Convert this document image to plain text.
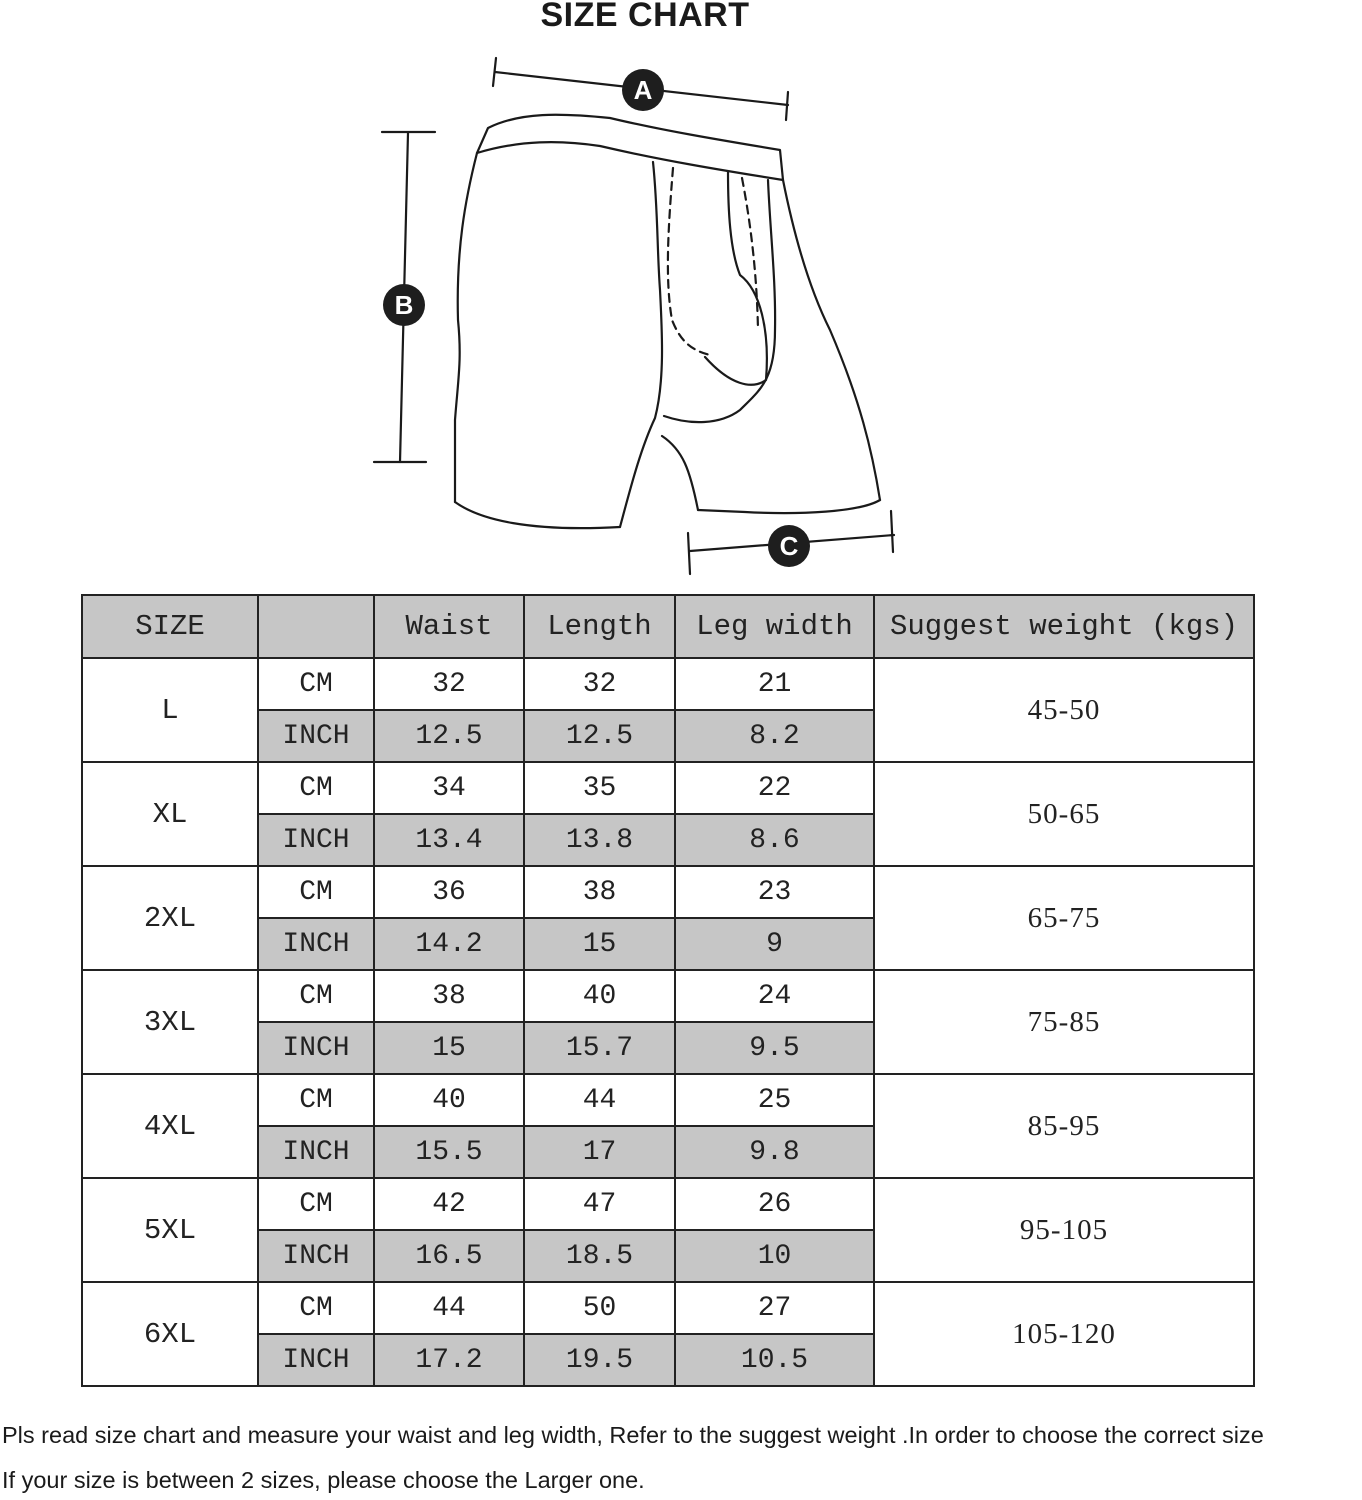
SIZE CHART
A
B
C
SIZE		Waist	Length	Leg width	Suggest weight (kgs)
L	CM	32	32	21	45-50
	INCH	12.5	12.5	8.2	
XL	CM	34	35	22	50-65
	INCH	13.4	13.8	8.6	
2XL	CM	36	38	23	65-75
	INCH	14.2	15	9	
3XL	CM	38	40	24	75-85
	INCH	15	15.7	9.5	
4XL	CM	40	44	25	85-95
	INCH	15.5	17	9.8	
5XL	CM	42	47	26	95-105
	INCH	16.5	18.5	10	
6XL	CM	44	50	27	105-120
	INCH	17.2	19.5	10.5	
Pls read size chart and measure your waist and leg width, Refer to the suggest weight .In order to choose the correct size
If your size is between 2 sizes, please choose the Larger one.
